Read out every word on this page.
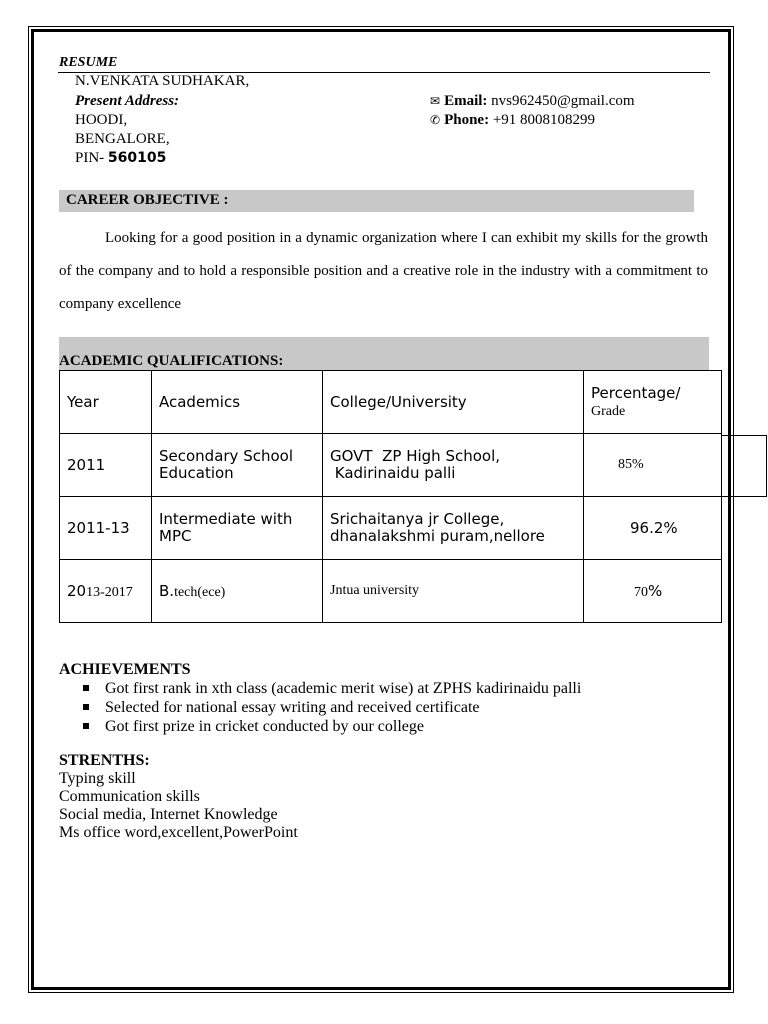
RESUME
N.VENKATA SUDHAKAR,
Present Address:
HOODI,
BENGALORE,
PIN- 560105
✉ Email: nvs962450@gmail.com
✆ Phone: +91 8008108299
CAREER OBJECTIVE :
Looking for a good position in a dynamic organization where I can exhibit my skills for the growth of the company and to hold a responsible position and a creative role in the industry with a commitment to company excellence
ACADEMIC QUALIFICATIONS:
Year	Academics	College/University	Percentage/
Grade
2011	Secondary School Education	GOVT  ZP High School,
Kadirinaidu palli	85%
2011-13	Intermediate with MPC	Srichaitanya jr College,
dhanalakshmi puram,nellore	96.2%
2013-2017	B.tech(ece)	Jntua university	70%
ACHIEVEMENTS
Got first rank in xth class (academic merit wise) at ZPHS kadirinaidu palli
Selected for national essay writing and received certificate
Got first prize in cricket conducted by our college
STRENTHS:
Typing skill
Communication skills
Social media, Internet Knowledge
Ms office word,excellent,PowerPoint
